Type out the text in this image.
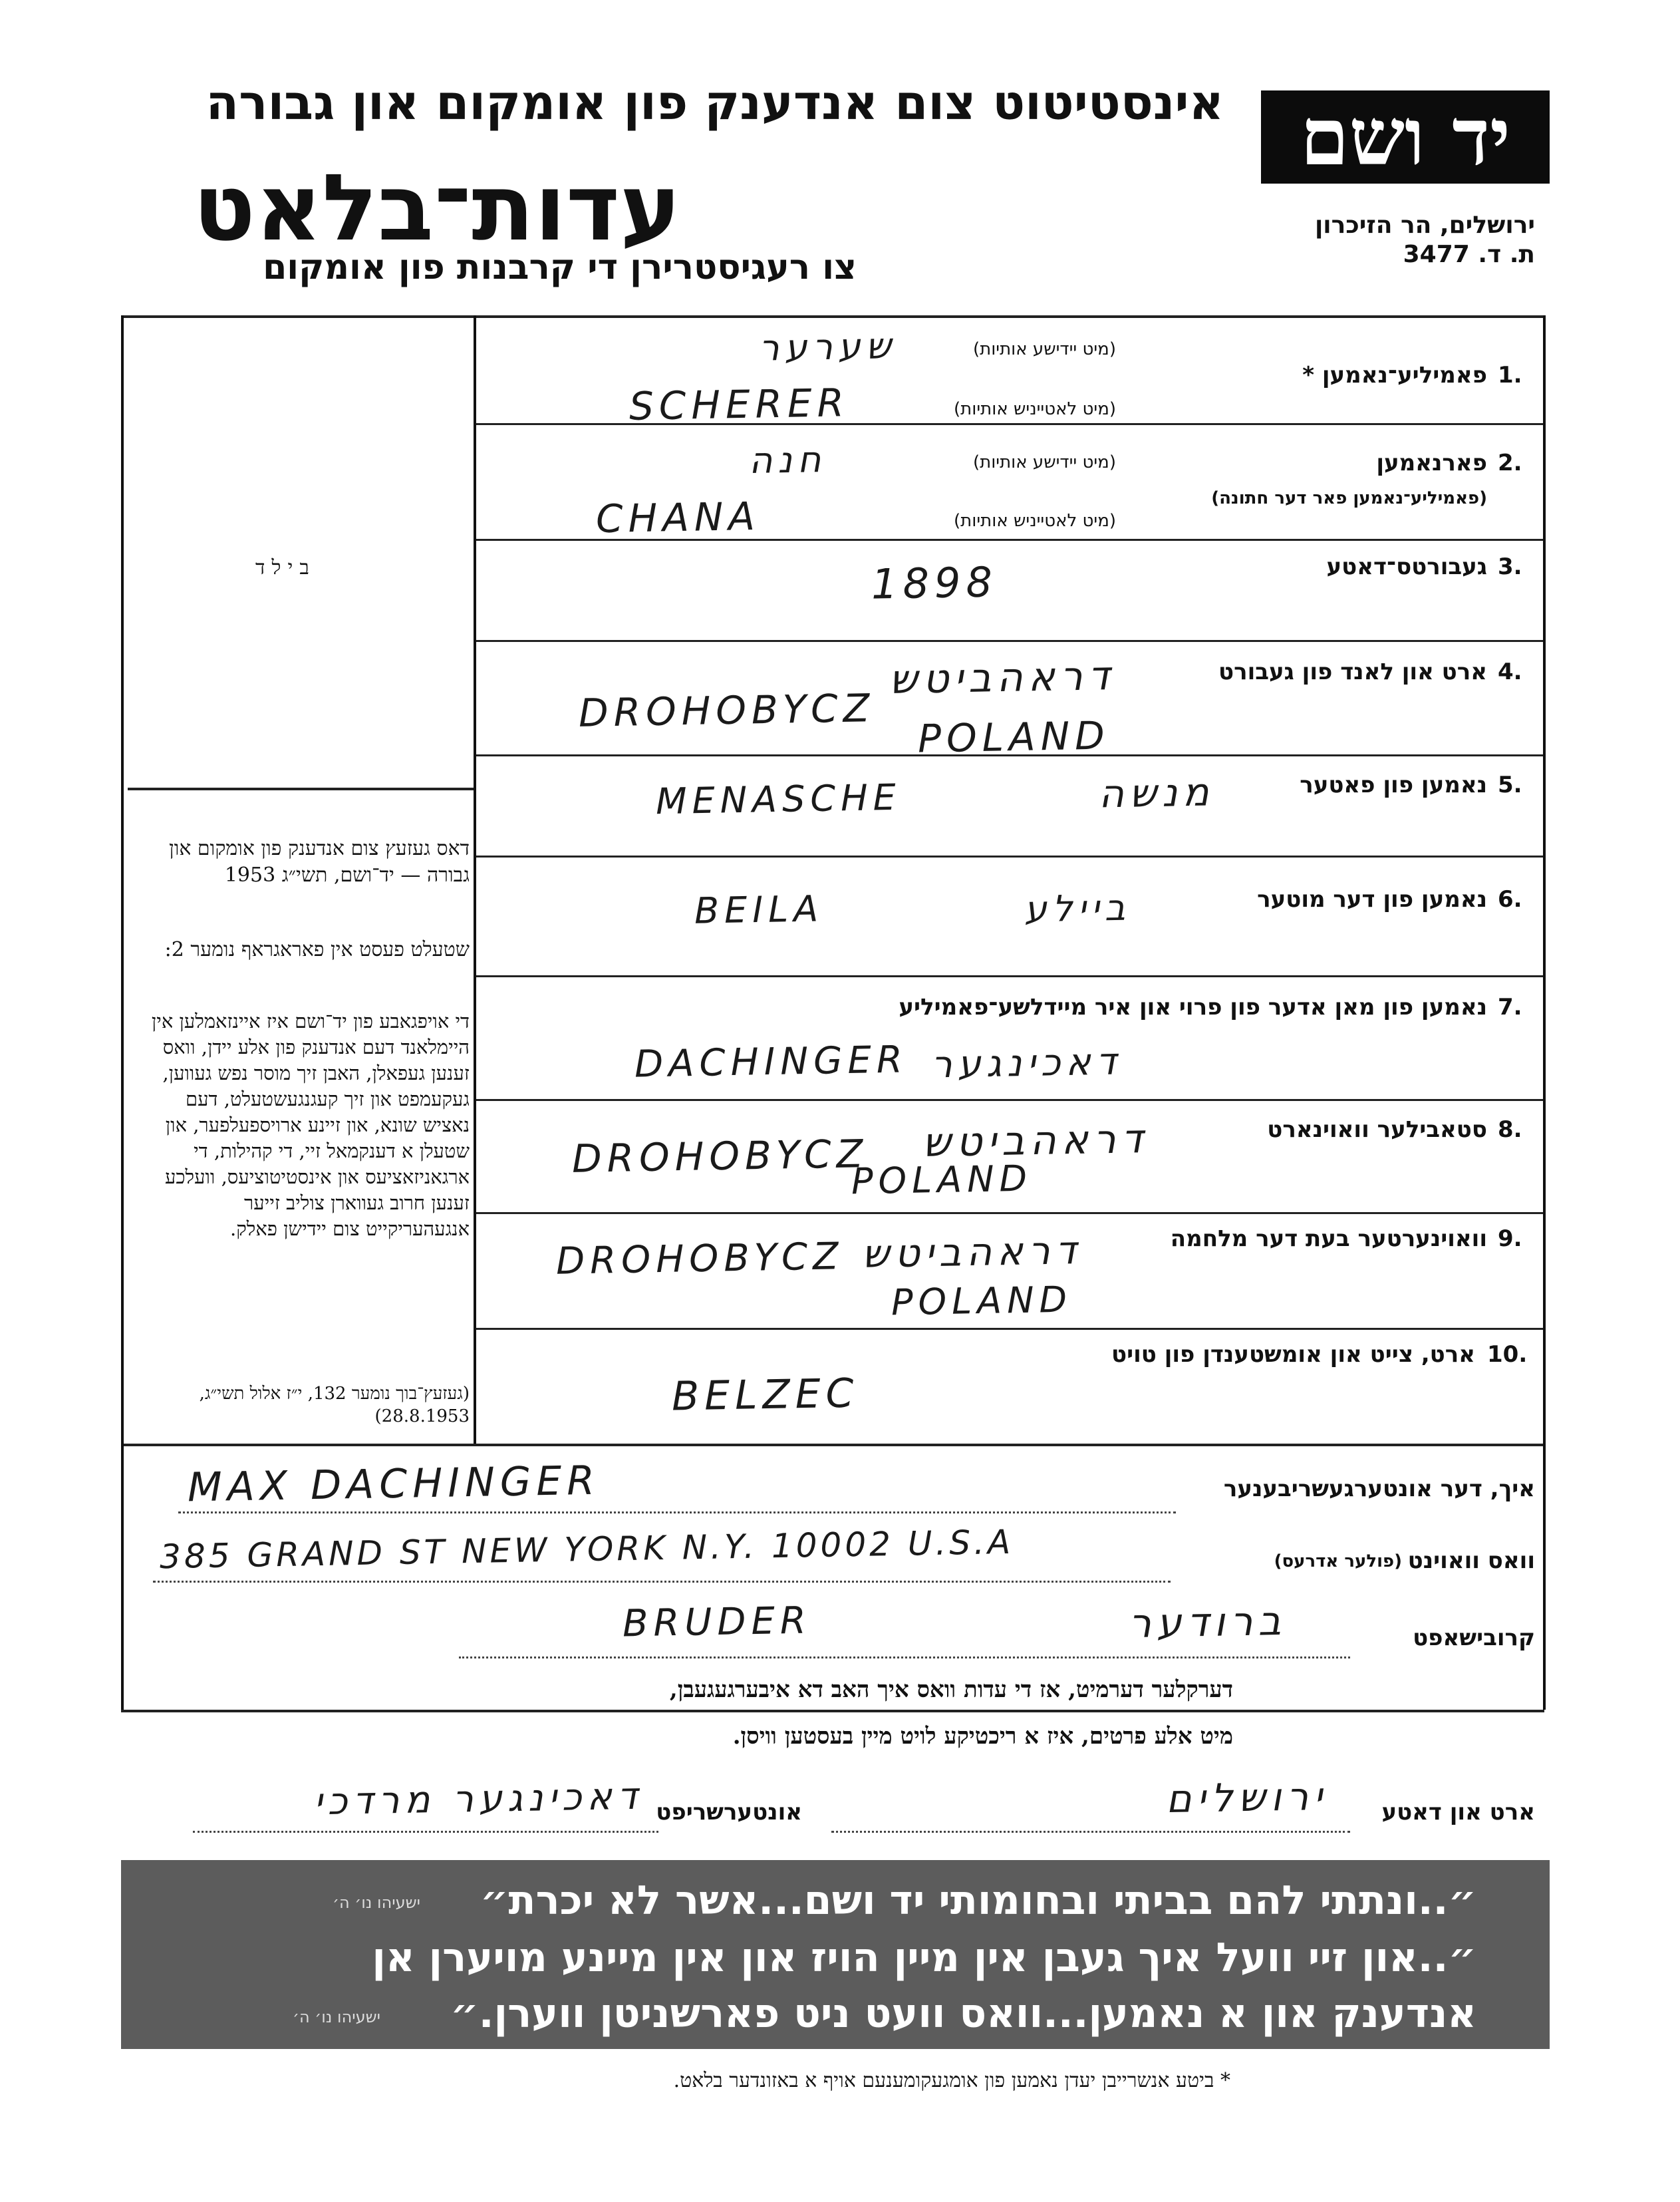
יד ושם
אינסטיטוט צום אנדענק פון אומקום און גבורה
עדות־בלאט
צו רעגיסטרירן די קרבנות פון אומקום
ירושלים, הר הזיכרון
ת. ד. 3477
בילד

דאס געזעץ צום אנדענק פון אומקום און גבורה — יד־ושם, תשי״ג 1953

שטעלט פעסט אין פאראגראף נומער 2:

די אויפגאבע פון יד־ושם איז איינזאמלען אין היימלאנד דעם אנדענק פון אלע יידן, וואס זענען געפאלן, האבן זיך מוסר נפש געווען, געקעמפט און זיך קעגנגעשטעלט, דעם נאציש שונא, און זיינע ארויספעלפער, און שטעלן א דענקמאל זיי, די קהילות, די ארגאניזאציעס און אינסטיטוציעס, וועלכע זענען חרוב געווארן צוליב זייער אנגעהעריקייט צום יידישן פאלק.

(געזעץ־בוך נומער 132, י״ז אלול תשי״ג, 28.8.1953)

1.
פאמיליע־נאמען *
(מיט יידישע אותיות)
שערער
(מיט לאטייניש אותיות)
SCHERER
2.
פארנאמען
(פאמיליע־נאמען פאר דער חתונה)
(מיט יידישע אותיות)
חנה
(מיט לאטייניש אותיות)
CHANA
3.
געבורטס־דאטע
1898
4.
ארט און לאנד פון געבורט
דראהביטש
DROHOBYCZ
POLAND
5.
נאמען פון פאטער
מנשה
MENASCHE
6.
נאמען פון דער מוטער
ביילע
BEILA
7.
נאמען פון מאן אדער פון פרוי און איר מיידלשע־פאמיליע
דאכינגער
DACHINGER
8.
סטאבילער וואוינארט
דראהביטש
DROHOBYCZ
POLAND
9.
וואוינערטער בעת דער מלחמה
דראהביטש
DROHOBYCZ
POLAND
10.
ארט, צייט און אומשטענדן פון טויט
BELZEC
איך, דער אונטערגעשריבענער
MAX DACHINGER
וואס וואוינט
(פולער אדרעס)
385 GRAND ST NEW YORK N.Y. 10002 U.S.A
קרובישאפט
BRUDER	ברודער
דערקלער דערמיט, אז די עדות וואס איך האב דא איבערגעגעבן,
מיט אלע פרטים, איז א ריכטיקע לויט מיין בעסטען וויסן.
ארט און דאטע
ירושלים
אונטערשריפט
דאכינגער מרדכי
״..ונתתי להם בביתי ובחומותי יד ושם...אשר לא יכרת״
ישעיהו נו׳ ה׳
״..און זיי וועל איך געבן אין מיין הויז און אין מיינע מויערן אן
אנדענק און א נאמען...וואס וועט ניט פארשניטן ווערן.״
ישעיהו נו׳ ה׳
* ביטע אנשרייבן יעדן נאמען פון אומגעקומענעם אויף א באזונדער בלאט.
